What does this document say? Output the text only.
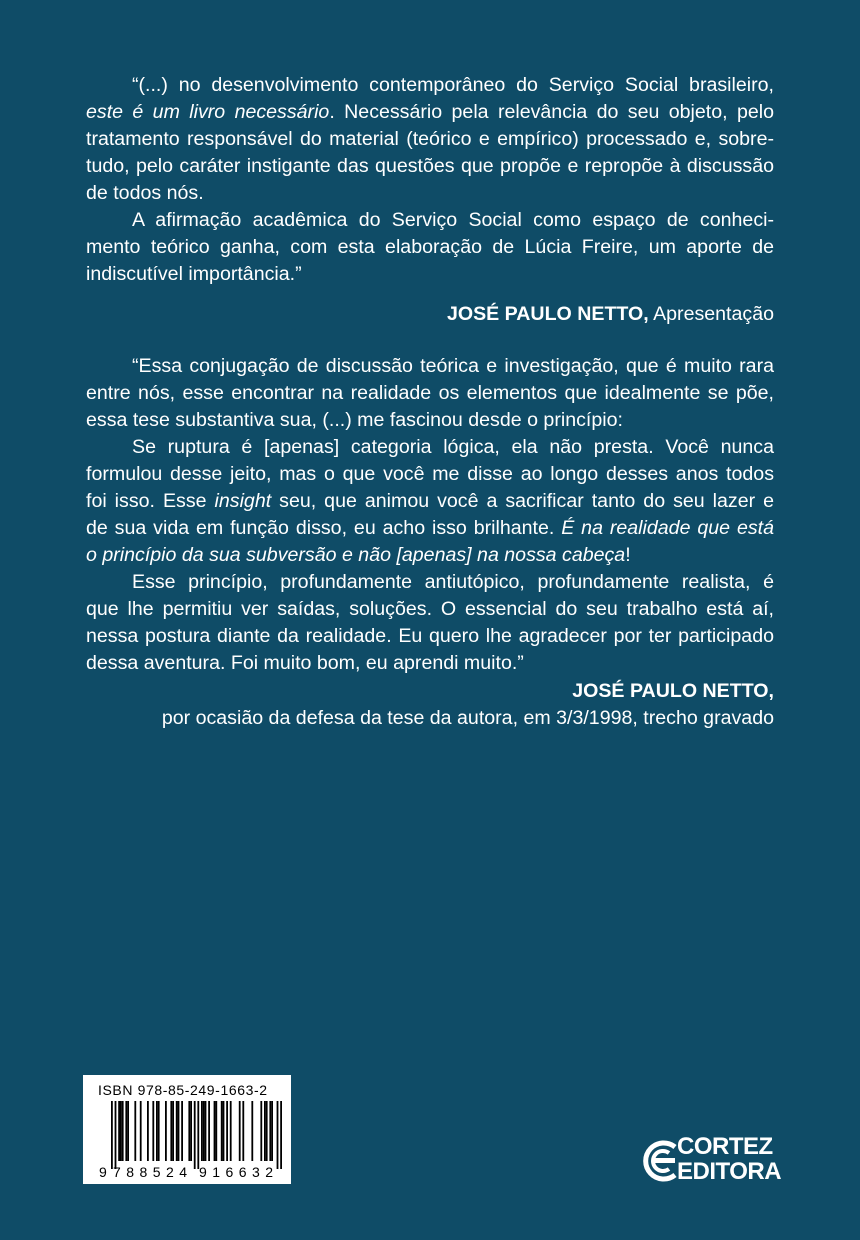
“(...) no desenvolvimento contemporâneo do Serviço Social brasileiro,
este é um livro necessário. Necessário pela relevância do seu objeto, pelo
tratamento responsável do material (teórico e empírico) processado e, sobre-
tudo, pelo caráter instigante das questões que propõe e repropõe à discussão
de todos nós.

A afirmação acadêmica do Serviço Social como espaço de conheci-
mento teórico ganha, com esta elaboração de Lúcia Freire, um aporte de
indiscutível importância.”

JOSÉ PAULO NETTO, Apresentação

“Essa conjugação de discussão teórica e investigação, que é muito rara
entre nós, esse encontrar na realidade os elementos que idealmente se põe,
essa tese substantiva sua, (...) me fascinou desde o princípio:

Se ruptura é [apenas] categoria lógica, ela não presta. Você nunca
formulou desse jeito, mas o que você me disse ao longo desses anos todos
foi isso. Esse insight seu, que animou você a sacrificar tanto do seu lazer e
de sua vida em função disso, eu acho isso brilhante. É na realidade que está
o princípio da sua subversão e não [apenas] na nossa cabeça!

Esse princípio, profundamente antiutópico, profundamente realista, é
que lhe permitiu ver saídas, soluções. O essencial do seu trabalho está aí,
nessa postura diante da realidade. Eu quero lhe agradecer por ter participado
dessa aventura. Foi muito bom, eu aprendi muito.”

JOSÉ PAULO NETTO,
por ocasião da defesa da tese da autora, em 3/3/1998, trecho gravado
ISBN 978-85-249-1663-2
9 788524 916632
CORTEZ
EDITORA
